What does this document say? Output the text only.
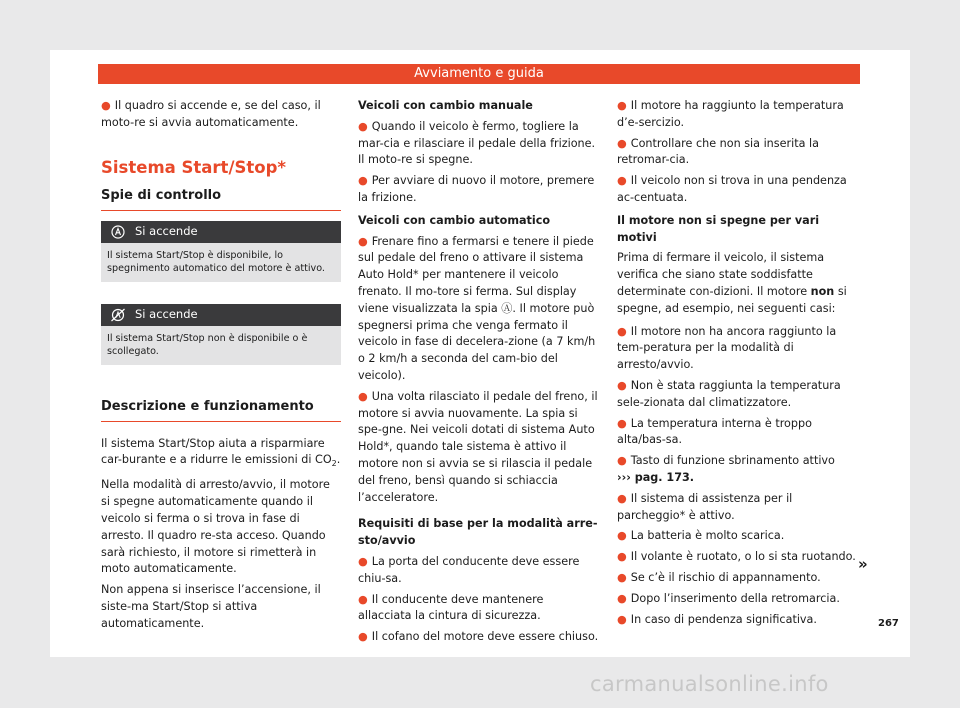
Avviamento e guida

● Il quadro si accende e, se del caso, il moto-re si avvia automaticamente.

Sistema Start/Stop*
Spie di controllo
Si accende
Il sistema Start/Stop è disponibile, lo spegnimento automatico del motore è attivo.
Si accende
Il sistema Start/Stop non è disponibile o è scollegato.
Descrizione e funzionamento

Il sistema Start/Stop aiuta a risparmiare car-burante e a ridurre le emissioni di $CO_2$.

Nella modalità di arresto/avvio, il motore si spegne automaticamente quando il veicolo si ferma o si trova in fase di arresto. Il quadro re-sta acceso. Quando sarà richiesto, il motore si rimetterà in moto automaticamente.

Non appena si inserisce l’accensione, il siste-ma Start/Stop si attiva automaticamente.

Veicoli con cambio manuale

● Quando il veicolo è fermo, togliere la mar-cia e rilasciare il pedale della frizione. Il moto-re si spegne.

● Per avviare di nuovo il motore, premere la frizione.

Veicoli con cambio automatico

● Frenare fino a fermarsi e tenere il piede sul pedale del freno o attivare il sistema Auto Hold* per mantenere il veicolo frenato. Il mo-tore si ferma. Sul display viene visualizzata la spia Ⓐ. Il motore può spegnersi prima che venga fermato il veicolo in fase di decelera-zione (a 7 km/h o 2 km/h a seconda del cam-bio del veicolo).

● Una volta rilasciato il pedale del freno, il motore si avvia nuovamente. La spia si spe-gne. Nei veicoli dotati di sistema Auto Hold*, quando tale sistema è attivo il motore non si avvia se si rilascia il pedale del freno, bensì quando si schiaccia l’acceleratore.

Requisiti di base per la modalità arre-sto/avvio

● La porta del conducente deve essere chiu-sa.

● Il conducente deve mantenere allacciata la cintura di sicurezza.

● Il cofano del motore deve essere chiuso.

● Il motore ha raggiunto la temperatura d’e-sercizio.

● Controllare che non sia inserita la retromar-cia.

● Il veicolo non si trova in una pendenza ac-centuata.

Il motore non si spegne per vari motivi

Prima di fermare il veicolo, il sistema verifica che siano state soddisfatte determinate con-dizioni. Il motore non si spegne, ad esempio, nei seguenti casi:

● Il motore non ha ancora raggiunto la tem-peratura per la modalità di arresto/avvio.

● Non è stata raggiunta la temperatura sele-zionata dal climatizzatore.

● La temperatura interna è troppo alta/bas-sa.

● Tasto di funzione sbrinamento attivo
››› pag. 173.

● Il sistema di assistenza per il parcheggio* è attivo.

● La batteria è molto scarica.

● Il volante è ruotato, o lo si sta ruotando.

● Se c’è il rischio di appannamento.

● Dopo l’inserimento della retromarcia.

● In caso di pendenza significativa.

»
267
carmanualsonline.info
